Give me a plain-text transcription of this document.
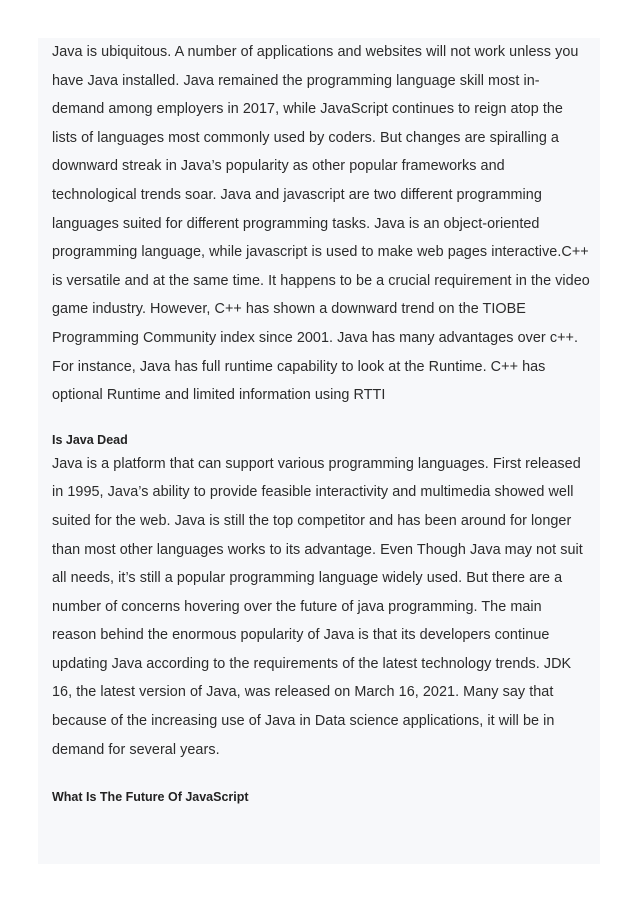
Java is ubiquitous. A number of applications and websites will not work unless you have Java installed. Java remained the programming language skill most in-demand among employers in 2017, while JavaScript continues to reign atop the lists of languages most commonly used by coders. But changes are spiralling a downward streak in Java’s popularity as other popular frameworks and technological trends soar. Java and javascript are two different programming languages suited for different programming tasks. Java is an object-oriented programming language, while javascript is used to make web pages interactive.C++ is versatile and at the same time. It happens to be a crucial requirement in the video game industry. However, C++ has shown a downward trend on the TIOBE Programming Community index since 2001. Java has many advantages over c++. For instance, Java has full runtime capability to look at the Runtime. C++ has optional Runtime and limited information using RTTI

Is Java Dead

Java is a platform that can support various programming languages. First released in 1995, Java’s ability to provide feasible interactivity and multimedia showed well suited for the web. Java is still the top competitor and has been around for longer than most other languages works to its advantage. Even Though Java may not suit all needs, it’s still a popular programming language widely used. But there are a number of concerns hovering over the future of java programming. The main reason behind the enormous popularity of Java is that its developers continue updating Java according to the requirements of the latest technology trends. JDK 16, the latest version of Java, was released on March 16, 2021. Many say that because of the increasing use of Java in Data science applications, it will be in demand for several years.

What Is The Future Of JavaScript
